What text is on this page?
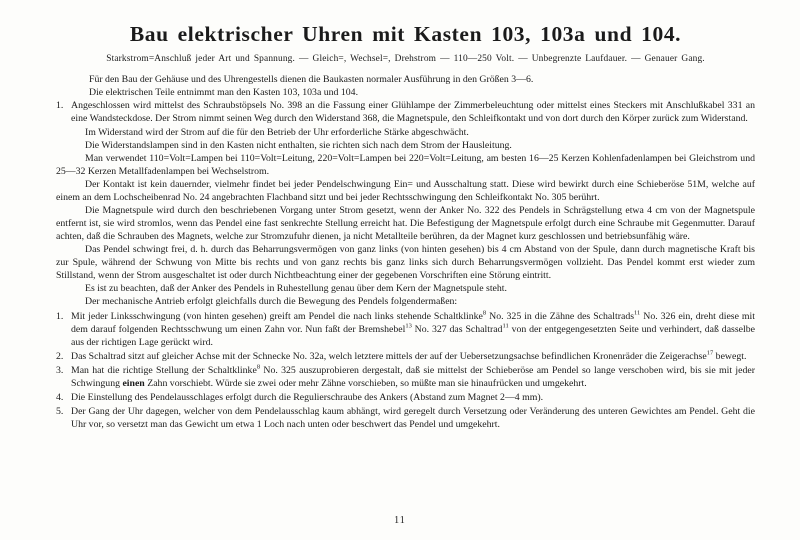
Bau elektrischer Uhren mit Kasten 103, 103a und 104.
Starkstrom=Anschluß jeder Art und Spannung. — Gleich=, Wechsel=, Drehstrom — 110—250 Volt. — Unbegrenzte Laufdauer. — Genauer Gang.

Für den Bau der Gehäuse und des Uhrengestells dienen die Baukasten normaler Ausführung in den Größen 3—6.

Die elektrischen Teile entnimmt man den Kasten 103, 103a und 104.

1. Angeschlossen wird mittelst des Schraubstöpsels No. 398 an die Fassung einer Glühlampe der Zimmerbeleuchtung oder mittelst eines Steckers mit Anschlußkabel 331 an eine Wandsteckdose. Der Strom nimmt seinen Weg durch den Widerstand 368, die Magnetspule, den Schleifkontakt und von dort durch den Körper zurück zum Widerstand.

Im Widerstand wird der Strom auf die für den Betrieb der Uhr erforderliche Stärke abgeschwächt.

Die Widerstandslampen sind in den Kasten nicht enthalten, sie richten sich nach dem Strom der Hausleitung.

Man verwendet 110=Volt=Lampen bei 110=Volt=Leitung, 220=Volt=Lampen bei 220=Volt=Leitung, am besten 16—25 Kerzen Kohlenfadenlampen bei Gleichstrom und 25—32 Kerzen Metallfadenlampen bei Wechselstrom.

Der Kontakt ist kein dauernder, vielmehr findet bei jeder Pendelschwingung Ein= und Ausschaltung statt. Diese wird bewirkt durch eine Schieberöse 51M, welche auf einem an dem Lochscheibenrad No. 24 angebrachten Flachband sitzt und bei jeder Rechtsschwingung den Schleifkontakt No. 305 berührt.

Die Magnetspule wird durch den beschriebenen Vorgang unter Strom gesetzt, wenn der Anker No. 322 des Pendels in Schrägstellung etwa 4 cm von der Magnetspule entfernt ist, sie wird stromlos, wenn das Pendel eine fast senkrechte Stellung erreicht hat. Die Befestigung der Magnetspule erfolgt durch eine Schraube mit Gegenmutter. Darauf achten, daß die Schrauben des Magnets, welche zur Stromzufuhr dienen, ja nicht Metallteile berühren, da der Magnet kurz geschlossen und betriebsunfähig wäre.

Das Pendel schwingt frei, d. h. durch das Beharrungsvermögen von ganz links (von hinten gesehen) bis 4 cm Abstand von der Spule, dann durch magnetische Kraft bis zur Spule, während der Schwung von Mitte bis rechts und von ganz rechts bis ganz links sich durch Beharrungsvermögen vollzieht. Das Pendel kommt erst wieder zum Stillstand, wenn der Strom ausgeschaltet ist oder durch Nichtbeachtung einer der gegebenen Vorschriften eine Störung eintritt.

Es ist zu beachten, daß der Anker des Pendels in Ruhestellung genau über dem Kern der Magnetspule steht.

Der mechanische Antrieb erfolgt gleichfalls durch die Bewegung des Pendels folgendermaßen:

1. Mit jeder Linksschwingung (von hinten gesehen) greift am Pendel die nach links stehende Schaltklinke$^8$ No. 325 in die Zähne des Schaltrads$^{11}$ No. 326 ein, dreht diese mit dem darauf folgenden Rechtsschwung um einen Zahn vor. Nun faßt der Bremshebel$^{13}$ No. 327 das Schaltrad$^{11}$ von der entgegengesetzten Seite und verhindert, daß dasselbe aus der richtigen Lage gerückt wird.
2. Das Schaltrad sitzt auf gleicher Achse mit der Schnecke No. 32a, welch letztere mittels der auf der Uebersetzungsachse befindlichen Kronenräder die Zeigerachse$^{17}$ bewegt.
3. Man hat die richtige Stellung der Schaltklinke$^8$ No. 325 auszuprobieren dergestalt, daß sie mittelst der Schieberöse am Pendel so lange verschoben wird, bis sie mit jeder Schwingung einen Zahn vorschiebt. Würde sie zwei oder mehr Zähne vorschieben, so müßte man sie hinaufrücken und umgekehrt.
4. Die Einstellung des Pendelausschlages erfolgt durch die Regulierschraube des Ankers (Abstand zum Magnet 2—4 mm).
5. Der Gang der Uhr dagegen, welcher von dem Pendelausschlag kaum abhängt, wird geregelt durch Versetzung oder Veränderung des unteren Gewichtes am Pendel. Geht die Uhr vor, so versetzt man das Gewicht um etwa 1 Loch nach unten oder beschwert das Pendel und umgekehrt.
11
